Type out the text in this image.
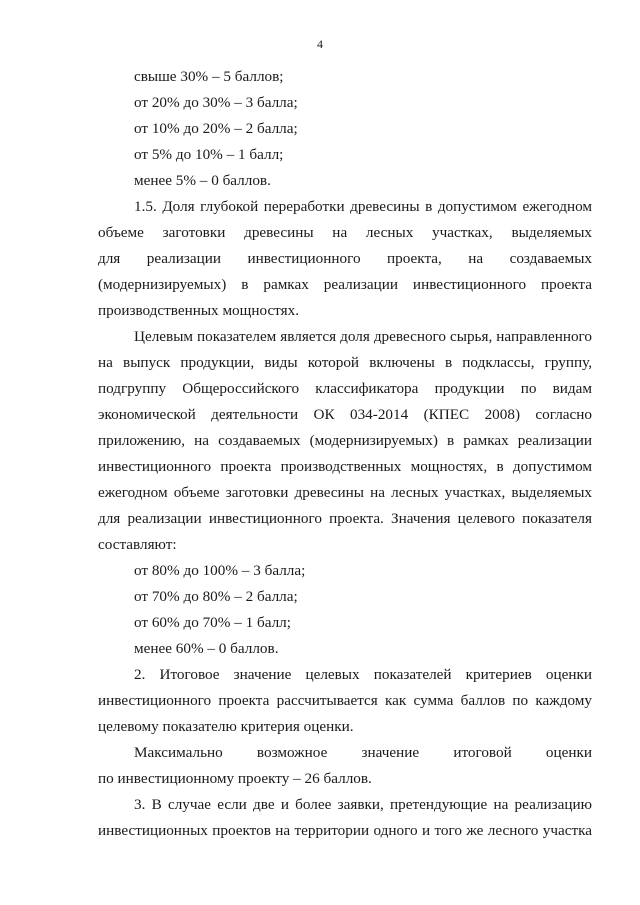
4
свыше 30% – 5 баллов;
от 20% до 30% – 3 балла;
от 10% до 20% – 2 балла;
от 5% до 10% – 1 балл;
менее 5% – 0 баллов.
1.5. Доля глубокой переработки древесины в допустимом ежегодном
объеме заготовки древесины на лесных участках, выделяемых
для реализации инвестиционного проекта, на создаваемых
(модернизируемых) в рамках реализации инвестиционного проекта
производственных мощностях.
Целевым показателем является доля древесного сырья, направленного
на выпуск продукции, виды которой включены в подклассы, группу,
подгруппу Общероссийского классификатора продукции по видам
экономической деятельности ОК 034-2014 (КПЕС 2008) согласно
приложению, на создаваемых (модернизируемых) в рамках реализации
инвестиционного проекта производственных мощностях, в допустимом
ежегодном объеме заготовки древесины на лесных участках, выделяемых
для реализации инвестиционного проекта. Значения целевого показателя
составляют:
от 80% до 100% – 3 балла;
от 70% до 80% – 2 балла;
от 60% до 70% – 1 балл;
менее 60% – 0 баллов.
2. Итоговое значение целевых показателей критериев оценки
инвестиционного проекта рассчитывается как сумма баллов по каждому
целевому показателю критерия оценки.
Максимально возможное значение итоговой оценки
по инвестиционному проекту – 26 баллов.
3. В случае если две и более заявки, претендующие на реализацию
инвестиционных проектов на территории одного и того же лесного участка
